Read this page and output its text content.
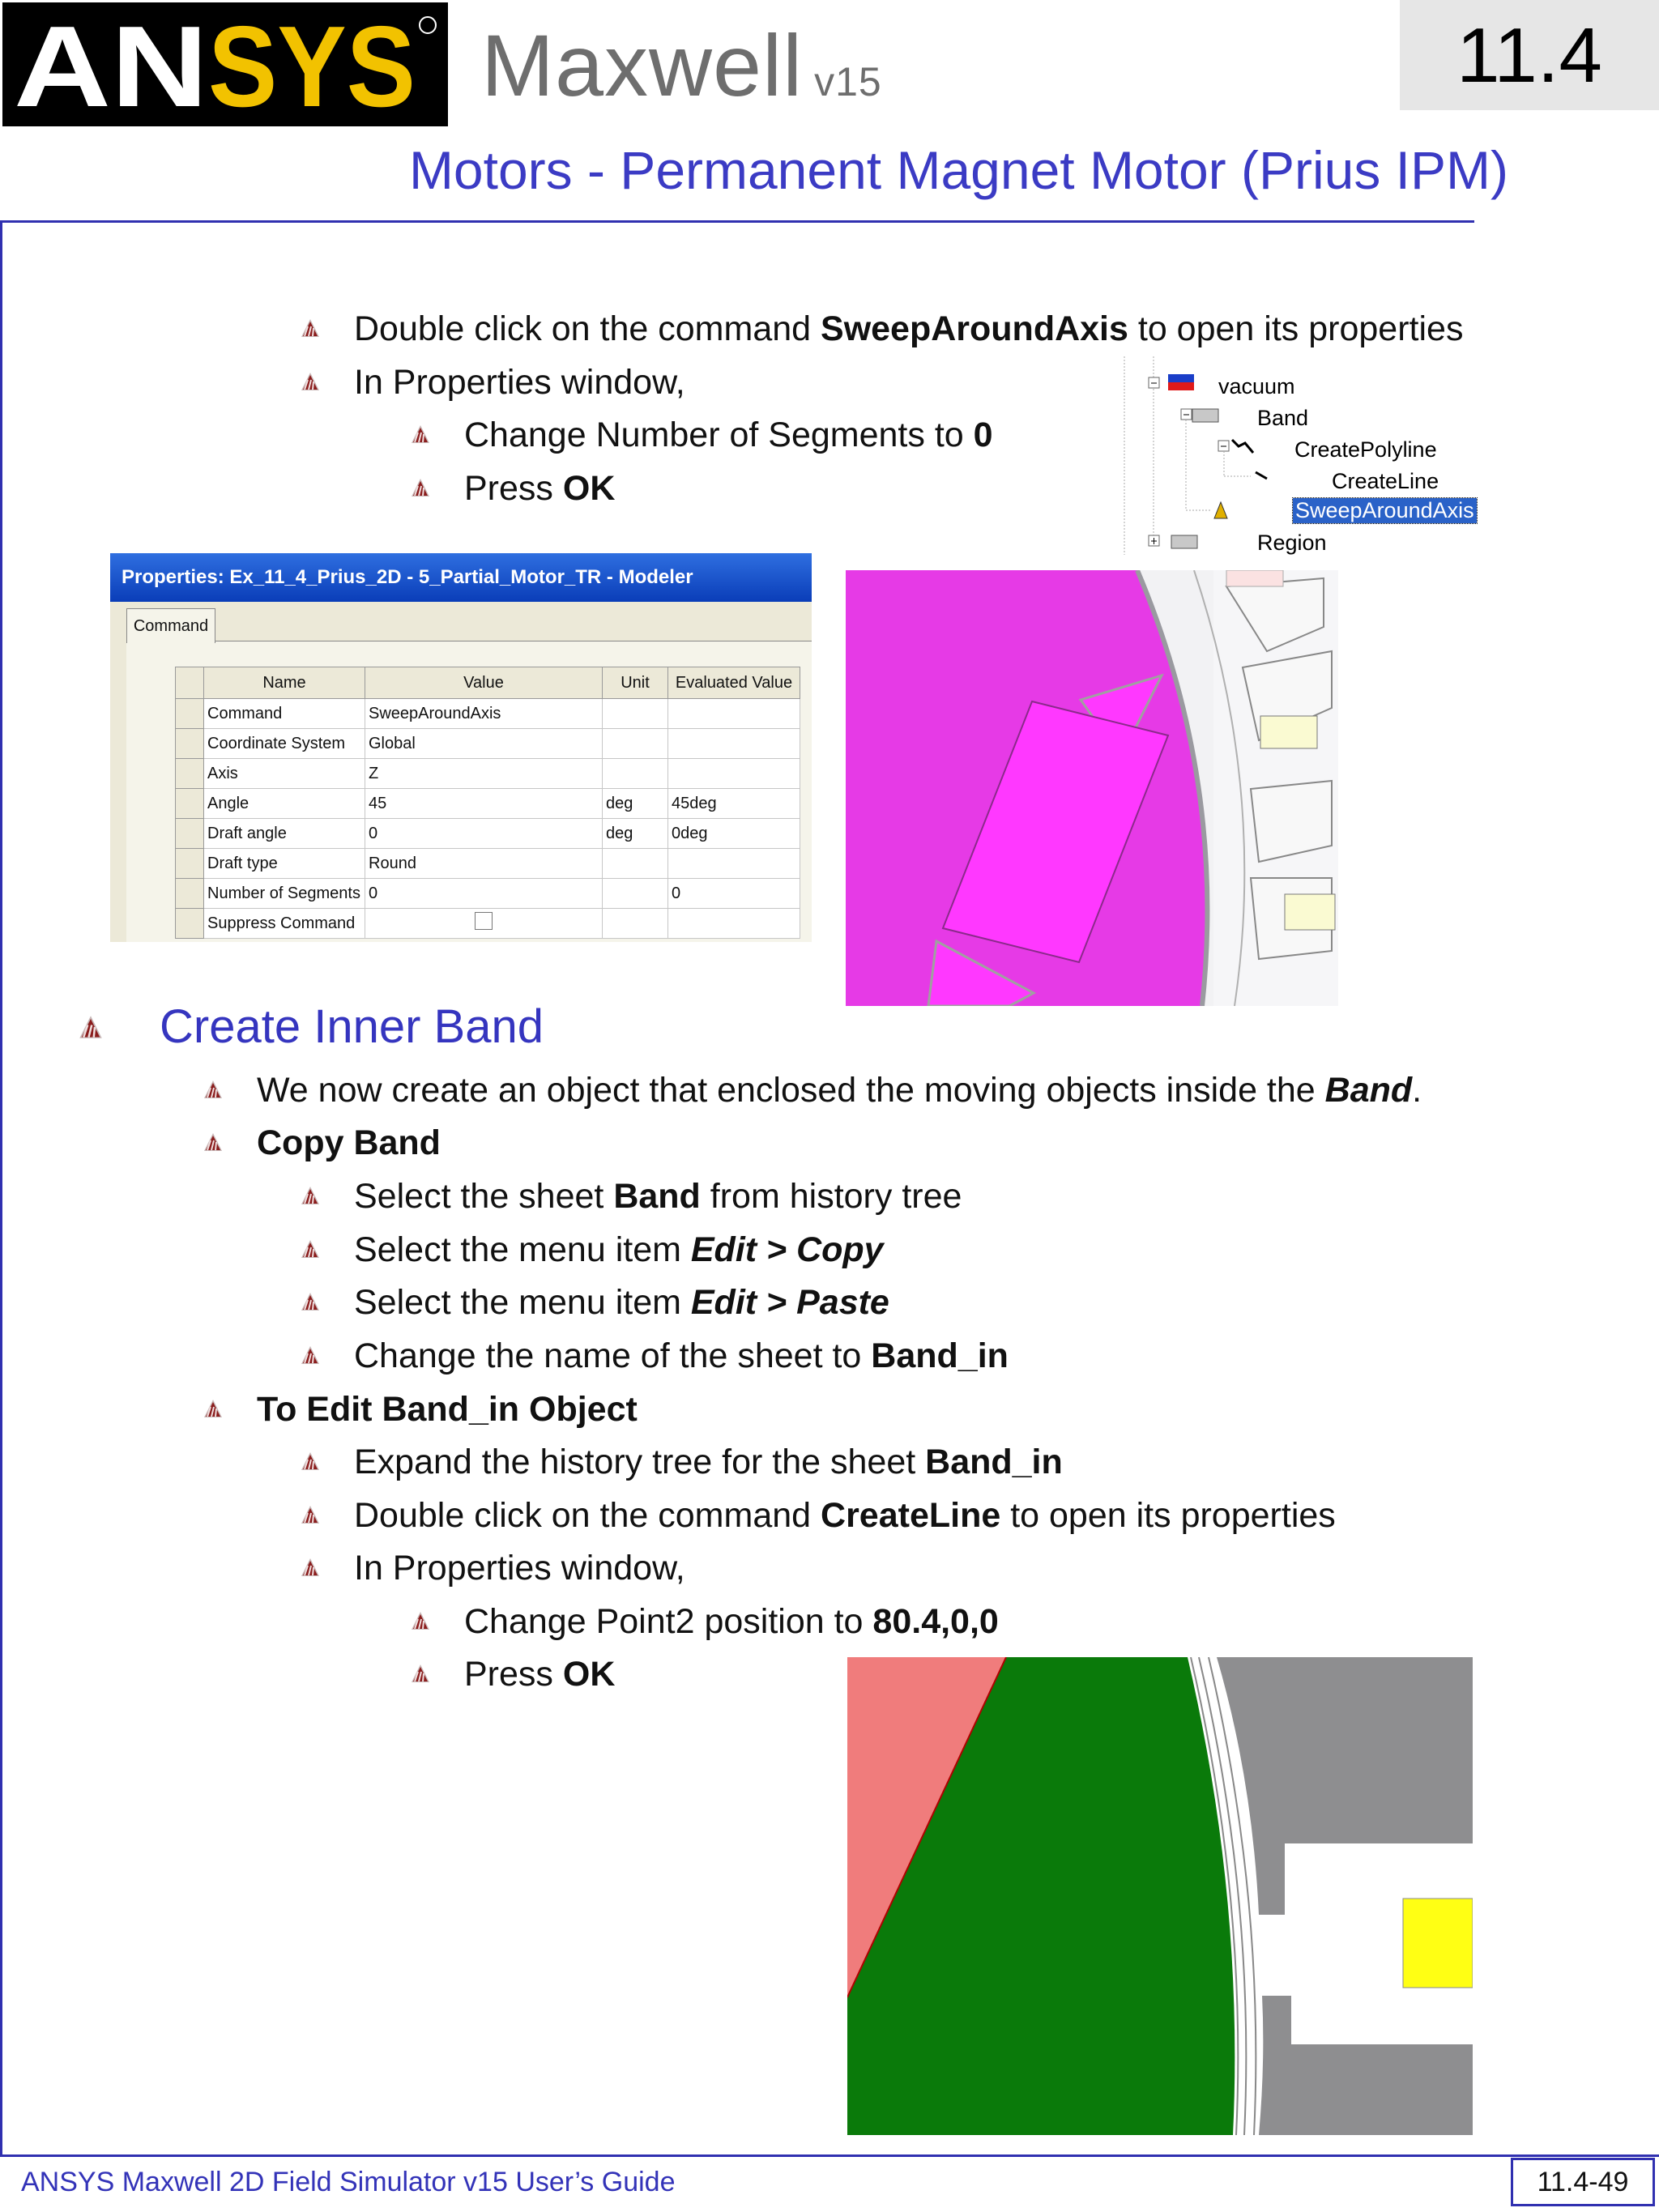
AN SYS Maxwell v15	11.4
Motors - Permanent Magnet Motor (Prius IPM)
Double click on the command SweepAroundAxis to open its properties
In Properties window,
Change Number of Segments to 0
Press OK
vacuum
Band
CreatePolyline
CreateLine
SweepAroundAxis
Region
Properties: Ex_11_4_Prius_2D - 5_Partial_Motor_TR - Modeler
Command
	Name	Value	Unit	Evaluated Value
	Command	SweepAroundAxis		
	Coordinate System	Global		
	Axis	Z		
	Angle	45	deg	45deg
	Draft angle	0	deg	0deg
	Draft type	Round		
	Number of Segments	0		0
	Suppress Command			
Create Inner Band
We now create an object that enclosed the moving objects inside the Band.
Copy Band
Select the sheet Band from history tree
Select the menu item Edit > Copy
Select the menu item Edit > Paste
Change the name of the sheet to Band_in
To Edit Band_in Object
Expand the history tree for the sheet Band_in
Double click on the command CreateLine to open its properties
In Properties window,
Change Point2 position to 80.4,0,0
Press OK
ANSYS Maxwell 2D Field Simulator v15 User’s Guide	11.4-49
